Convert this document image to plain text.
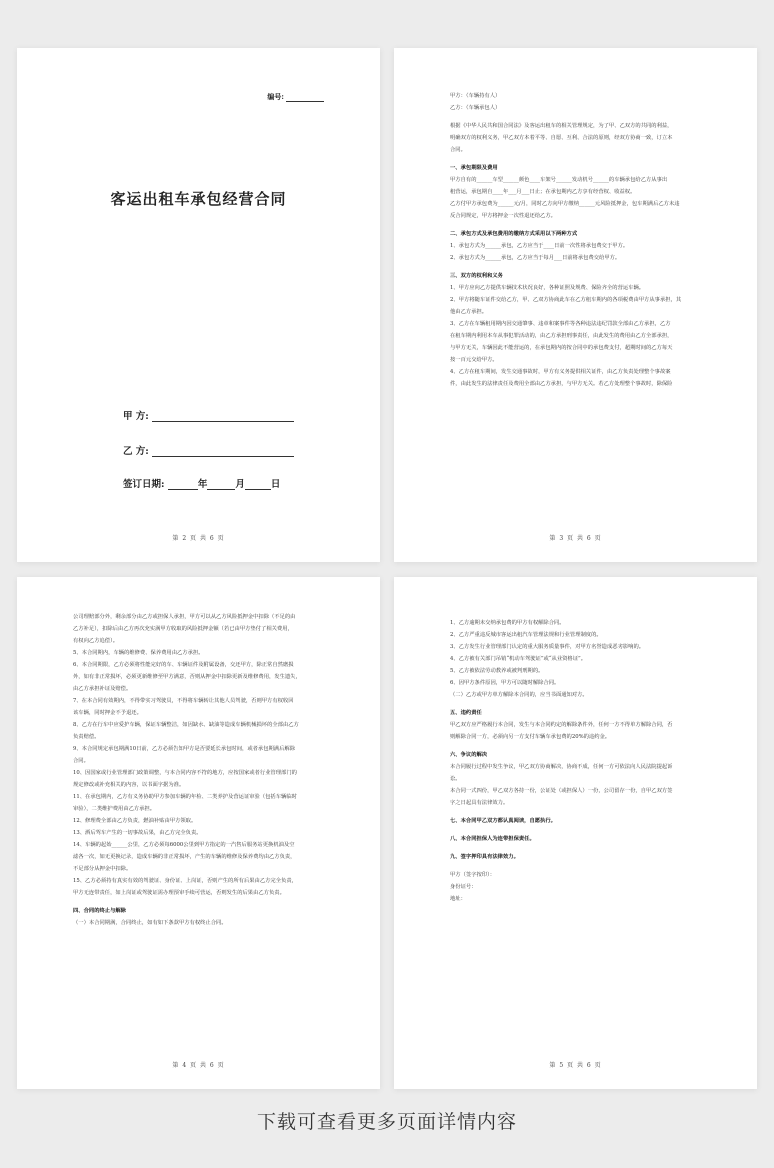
编号:
客运出租车承包经营合同
甲 方:
乙 方:
签订日期:	年	月	日
第 2 页 共 6 页

甲方：（车辆持有人）

乙方：（车辆承包人）

根据《中华人民共和国合同法》及客运出租车的相关管理规定，为了甲、乙双方的共同的利益，

明确双方的权利义务，甲乙双方本着平等、自愿、互利、合法的原则，经双方协商一致，订立本

合同。

一、承包期限及费用

甲方自有的______车型______颜色____车架号______发动机号______的车辆承包给乙方从事出

租营运，承包期自____年___月___日止；在承包期内乙方享有经营权、收益权。

乙方付甲方承包费为______元/月，同时乙方向甲方缴纳______元风险抵押金，包车期满后乙方未违

反合同规定，甲方将押金一次性退还给乙方。

二、承包方式及承包费用的缴纳方式采用以下两种方式

1、承包方式为______承包，乙方应当于____日前一次性将承包费交于甲方。

2、承包方式为______承包，乙方应当于每月___日前将承包费交给甲方。

三、双方的权利和义务

1、甲方应向乙方提供车辆技术状况良好，各种证照及规费、保险齐全的营运车辆。

2、甲方将随车证件交给乙方，甲、乙双方协商此车在乙方租车期内的各项税费由甲方从事承担，其

他由乙方承担。

3、乙方在车辆租用期内因交通肇事、违章和案事件等各种违法违纪罚款全部由乙方承担，乙方

在租车期内利用本车从事犯罪活动的，由乙方承担刑事责任，由此发生的费用由乙方全部承担，

与甲方无关，车辆因此不能营运的，在承包期内的按合同中的承包费支付，超期时间的乙方每天

按一百元交给甲方。

4、乙方在租车期间，发生交通事故时，甲方有义务提供相关证件，由乙方负责处理整个事故案

件，由此发生的法律责任及费用全部由乙方承担，与甲方无关。若乙方处理整个事故时，除保险

第 3 页 共 6 页

公司理赔部分外，剩余部分由乙方或担保人承担，甲方可以从乙方风险抵押金中扣除（不足的由

乙方补足），扣除后由乙方再次充实满甲方收取的风险抵押金额（若已由甲方垫付了相关费用，

有权向乙方追偿）。

5、本合同期内，车辆的维修费、保养费用由乙方承担。

6、本合同期限，乙方必须将性能完好的车、车辆证件及附属设备，交还甲方，除正常自然磨损

外，如有非正常损坏，必须更新维修至甲方满意，否则从押金中扣除更新及维修费用，发生遗失，

由乙方承担补证及赔偿。

7、在本合同有效期内，不得带实习驾驶员，不得将车辆转让其他人员驾驶，否则甲方有权收回

该车辆，同时押金不予退还。

8、乙方在行车中应爱护车辆，保证车辆整洁，如因缺水、缺油等造成车辆机械损坏的全部由乙方

负责赔偿。

9、本合同规定承包期满10日前，乙方必须告知甲方是否要延长承包时间，或者承包期满后解除

合同。

10、因国家或行业管理部门政策调整，与本合同内容不符的地方，应按国家或者行业管理部门的

规定修改或补充相关的内容，以书面字据为准。

11、在承包期内，乙方有义务协助甲方参加车辆的年检、二类养护及营运证审验（包括车辆临时

审验），二类维护费用由乙方承担。

12、修理费全部由乙方负责，燃油补贴由甲方领取。

13、酒后驾车产生的一切事故后果，由乙方完全负责。

14、车辆的起始______公里，乙方必须每6000公里到甲方指定的一汽售后服务站更换机油及空

滤各一次，如无更换记录，造成车辆的非正常损坏，产生的车辆的维修及保养费均由乙方负责，

不足部分从押金中扣除。

15、乙方必须持有真实有效的驾驶证、身份证、上岗证，否则产生的所有后果由乙方完全负责，

甲方无连带责任，如上岗证或驾驶证需办理预审手续可营运，否则发生的后果由乙方负责。

四、合同的终止与解除

（一）本合同期满，合同终止，如有如下条款甲方有权终止合同。

第 4 页 共 6 页

1、乙方逾期未交纳承包费的甲方有权解除合同。

2、乙方严重违反城市客运出租汽车管理法规和行业管理制度的。

3、乙方发生行业管理部门认定的重大服务质量事件，对甲方名誉造成恶劣影响的。

4、乙方被有关部门吊销“机动车驾驶证”或“从业资格证”。

5、乙方被依法劳动教养或被判刑期的。

6、因甲方条件原因，甲方可以随时解除合同。

（二）乙方或甲方单方解除本合同的，应当书面通知对方。

五、违约责任

甲乙双方应严格履行本合同，发生与本合同约定的解除条件外，任何一方不得单方解除合同，否

则解除合同一方，必须向另一方支付车辆车承包费的20%的违约金。

六、争议的解决

本合同履行过程中发生争议，甲乙双方协商解决，协商不成，任何一方可依法向人民法院提起诉

讼。

本合同一式四份，甲乙双方各持一份，公证处（或担保人）一份，公司留存一份，自甲乙双方签

字之日起具有法律效力。

七、本合同甲乙双方都认真阅读，自愿执行。

八、本合同担保人为连带担保责任。

九、签字押印具有法律效力。

甲方（签字按印）：

身份证号：

地址：

第 5 页 共 6 页
下载可查看更多页面详情内容
